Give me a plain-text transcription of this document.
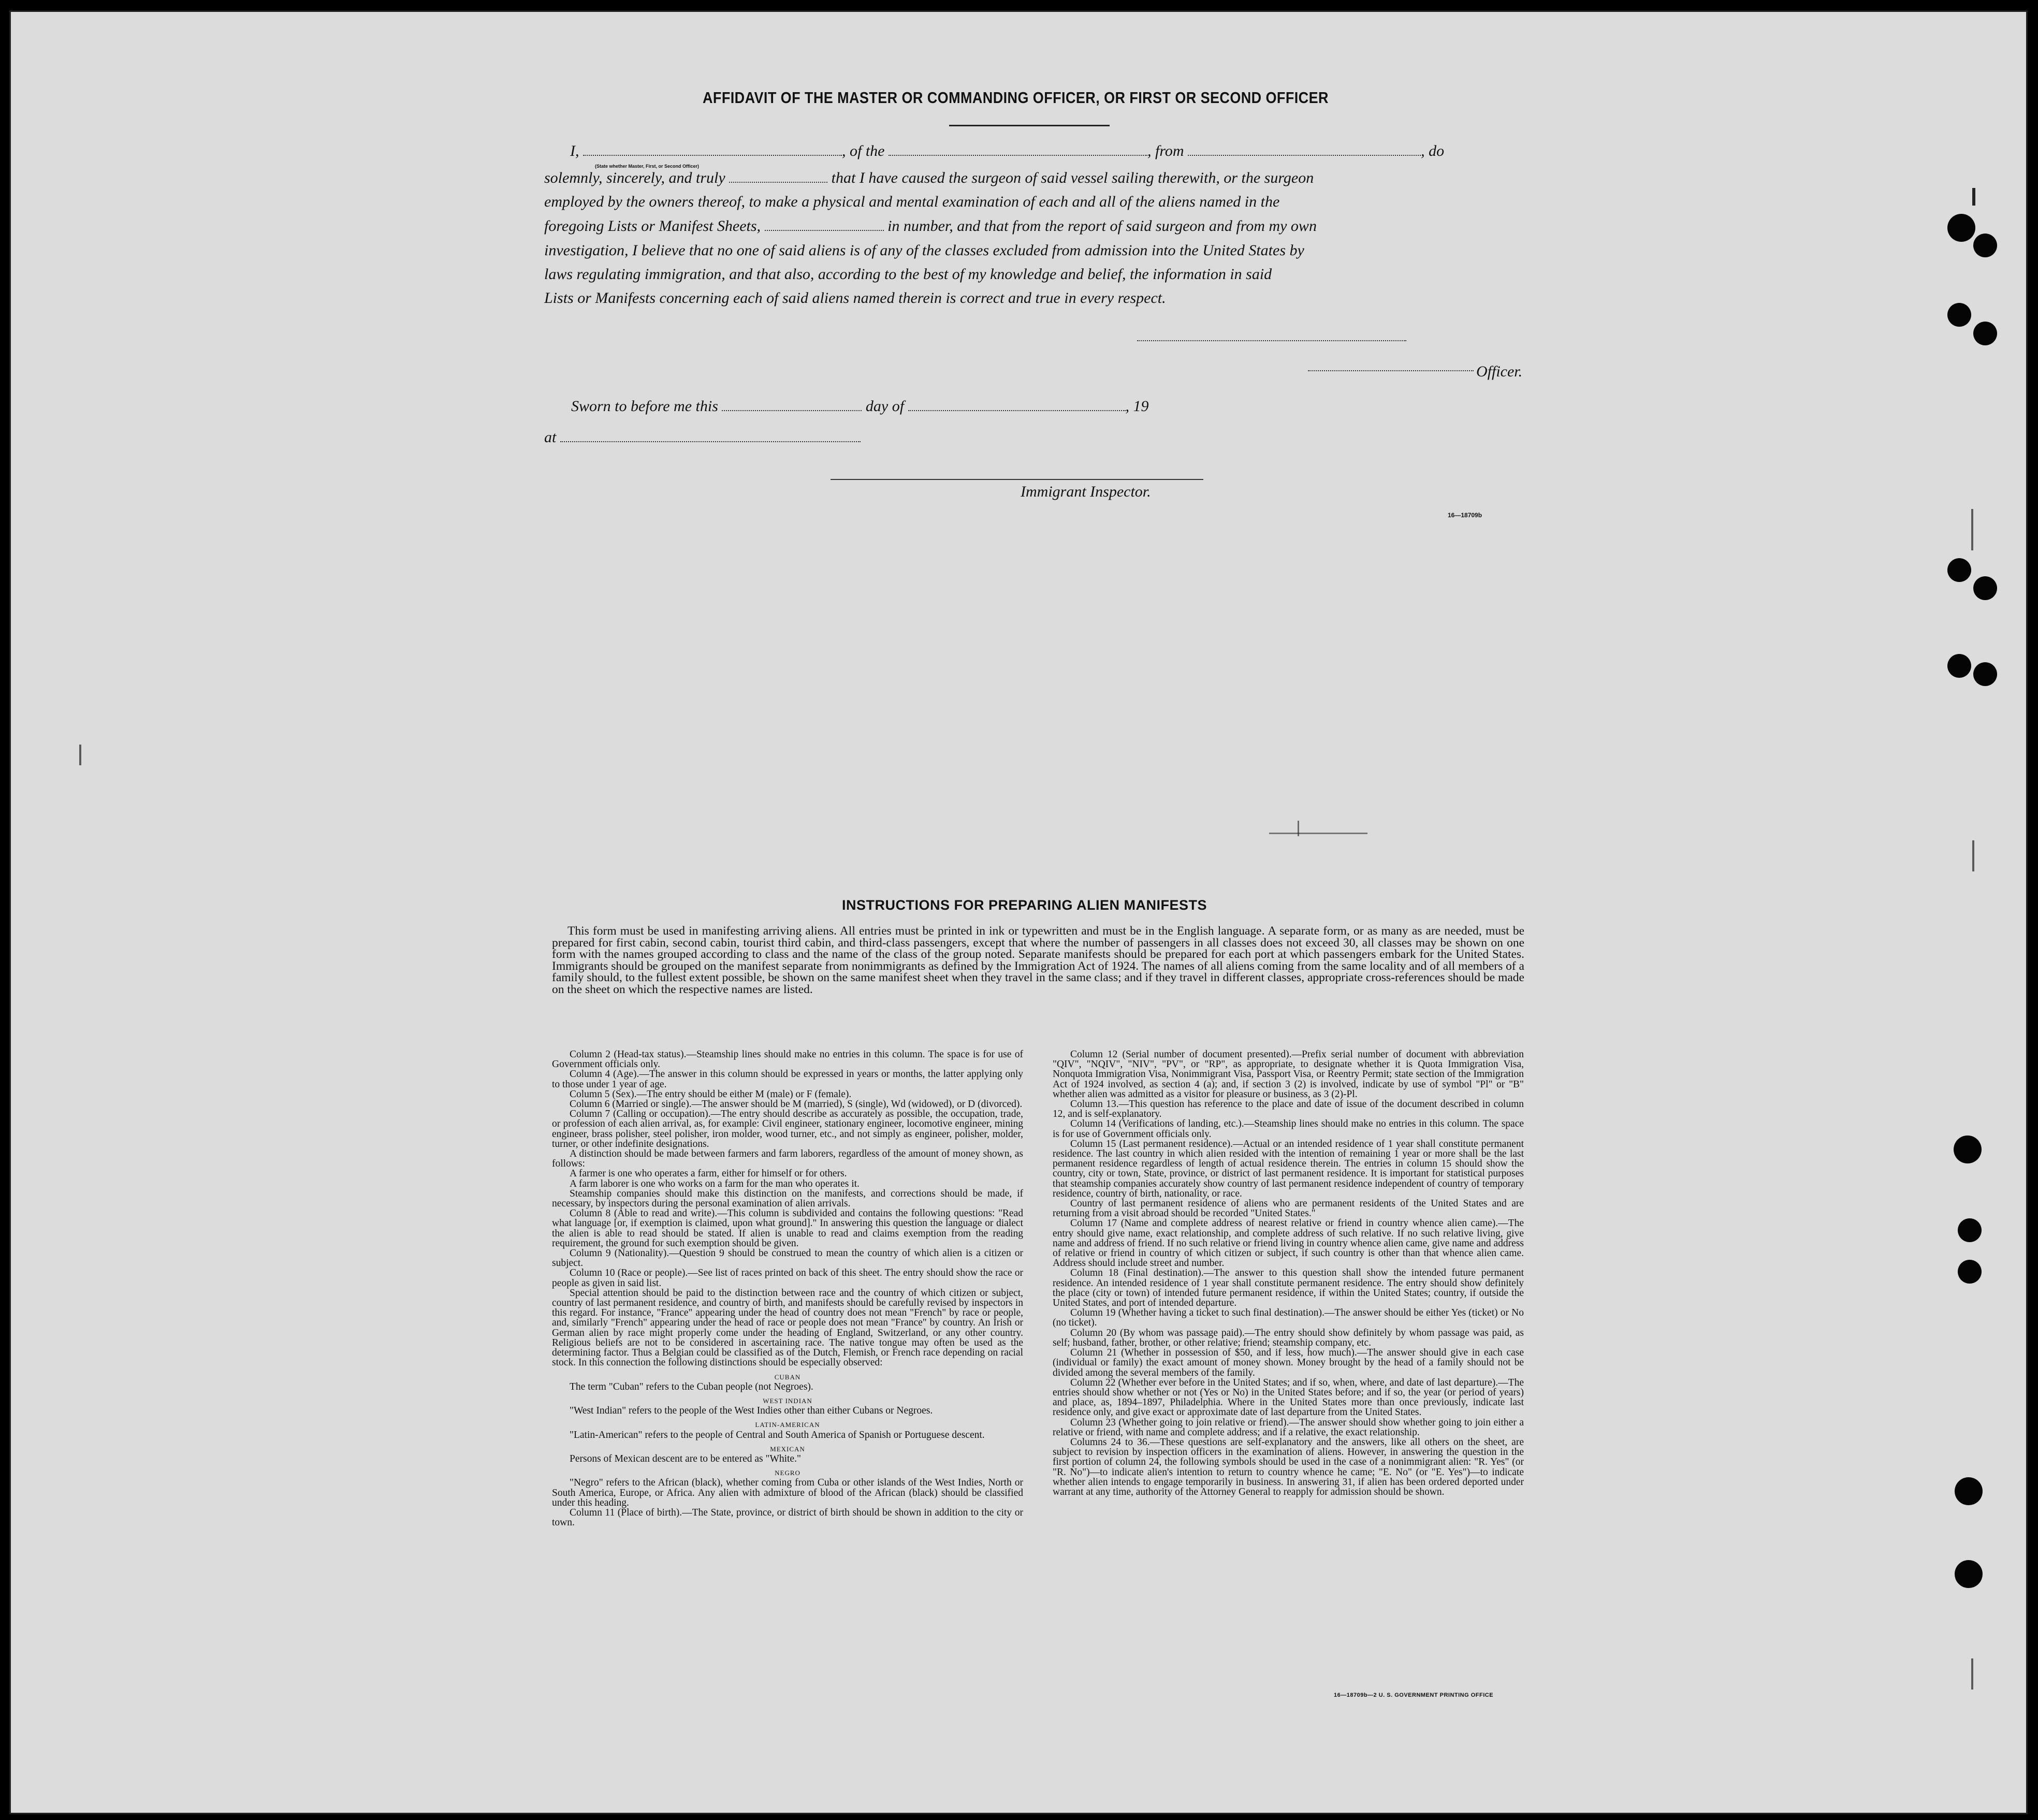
AFFIDAVIT OF THE MASTER OR COMMANDING OFFICER, OR FIRST OR SECOND OFFICER
I,	, of the	, from	, do
(State whether Master, First, or Second Officer)
solemnly, sincerely, and truly	that I have caused the surgeon of said vessel sailing therewith, or the surgeon
employed by the owners thereof, to make a physical and mental examination of each and all of the aliens named in the
foregoing Lists or Manifest Sheets,	in number, and that from the report of said surgeon and from my own
investigation, I believe that no one of said aliens is of any of the classes excluded from admission into the United States by
laws regulating immigration, and that also, according to the best of my knowledge and belief, the information in said
Lists or Manifests concerning each of said aliens named therein is correct and true in every respect.
Officer.
Sworn to before me this	day of	, 19
at
Immigrant Inspector.
16—18709b
INSTRUCTIONS FOR PREPARING ALIEN MANIFESTS
This form must be used in manifesting arriving aliens. All entries must be printed in ink or typewritten and must be in the English language. A separate form, or as many as are needed, must be prepared for first cabin, second cabin, tourist third cabin, and third-class passengers, except that where the number of passengers in all classes does not exceed 30, all classes may be shown on one form with the names grouped according to class and the name of the class of the group noted. Separate manifests should be prepared for each port at which passengers embark for the United States. Immigrants should be grouped on the manifest separate from nonimmigrants as defined by the Immigration Act of 1924. The names of all aliens coming from the same locality and of all members of a family should, to the fullest extent possible, be shown on the same manifest sheet when they travel in the same class; and if they travel in different classes, appropriate cross-references should be made on the sheet on which the respective names are listed.

Column 2 (Head-tax status).—Steamship lines should make no entries in this column. The space is for use of Government officials only.

Column 4 (Age).—The answer in this column should be expressed in years or months, the latter applying only to those under 1 year of age.

Column 5 (Sex).—The entry should be either M (male) or F (female).

Column 6 (Married or single).—The answer should be M (married), S (single), Wd (widowed), or D (divorced).

Column 7 (Calling or occupation).—The entry should describe as accurately as possible, the occupation, trade, or profession of each alien arrival, as, for example: Civil engineer, stationary engineer, locomotive engineer, mining engineer, brass polisher, steel polisher, iron molder, wood turner, etc., and not simply as engineer, polisher, molder, turner, or other indefinite designations.

A distinction should be made between farmers and farm laborers, regardless of the amount of money shown, as follows:

A farmer is one who operates a farm, either for himself or for others.

A farm laborer is one who works on a farm for the man who operates it.

Steamship companies should make this distinction on the manifests, and corrections should be made, if necessary, by inspectors during the personal examination of alien arrivals.

Column 8 (Able to read and write).—This column is subdivided and contains the following questions: "Read what language [or, if exemption is claimed, upon what ground]." In answering this question the language or dialect the alien is able to read should be stated. If alien is unable to read and claims exemption from the reading requirement, the ground for such exemption should be given.

Column 9 (Nationality).—Question 9 should be construed to mean the country of which alien is a citizen or subject.

Column 10 (Race or people).—See list of races printed on back of this sheet. The entry should show the race or people as given in said list.

Special attention should be paid to the distinction between race and the country of which citizen or subject, country of last permanent residence, and country of birth, and manifests should be carefully revised by inspectors in this regard. For instance, "France" appearing under the head of country does not mean "French" by race or people, and, similarly "French" appearing under the head of race or people does not mean "France" by country. An Irish or German alien by race might properly come under the heading of England, Switzerland, or any other country. Religious beliefs are not to be considered in ascertaining race. The native tongue may often be used as the determining factor. Thus a Belgian could be classified as of the Dutch, Flemish, or French race depending on racial stock. In this connection the following distinctions should be especially observed:

CUBAN

The term "Cuban" refers to the Cuban people (not Negroes).

WEST INDIAN

"West Indian" refers to the people of the West Indies other than either Cubans or Negroes.

LATIN-AMERICAN

"Latin-American" refers to the people of Central and South America of Spanish or Portuguese descent.

MEXICAN

Persons of Mexican descent are to be entered as "White."

NEGRO

"Negro" refers to the African (black), whether coming from Cuba or other islands of the West Indies, North or South America, Europe, or Africa. Any alien with admixture of blood of the African (black) should be classified under this heading.

Column 11 (Place of birth).—The State, province, or district of birth should be shown in addition to the city or town.

Column 12 (Serial number of document presented).—Prefix serial number of document with abbreviation "QIV", "NQIV", "NIV", "PV", or "RP", as appropriate, to designate whether it is Quota Immigration Visa, Nonquota Immigration Visa, Nonimmigrant Visa, Passport Visa, or Reentry Permit; state section of the Immigration Act of 1924 involved, as section 4 (a); and, if section 3 (2) is involved, indicate by use of symbol "Pl" or "B" whether alien was admitted as a visitor for pleasure or business, as 3 (2)-Pl.

Column 13.—This question has reference to the place and date of issue of the document described in column 12, and is self-explanatory.

Column 14 (Verifications of landing, etc.).—Steamship lines should make no entries in this column. The space is for use of Government officials only.

Column 15 (Last permanent residence).—Actual or an intended residence of 1 year shall constitute permanent residence. The last country in which alien resided with the intention of remaining 1 year or more shall be the last permanent residence regardless of length of actual residence therein. The entries in column 15 should show the country, city or town, State, province, or district of last permanent residence. It is important for statistical purposes that steamship companies accurately show country of last permanent residence independent of country of temporary residence, country of birth, nationality, or race.

Country of last permanent residence of aliens who are permanent residents of the United States and are returning from a visit abroad should be recorded "United States."

Column 17 (Name and complete address of nearest relative or friend in country whence alien came).—The entry should give name, exact relationship, and complete address of such relative. If no such relative living, give name and address of friend. If no such relative or friend living in country whence alien came, give name and address of relative or friend in country of which citizen or subject, if such country is other than that whence alien came. Address should include street and number.

Column 18 (Final destination).—The answer to this question shall show the intended future permanent residence. An intended residence of 1 year shall constitute permanent residence. The entry should show definitely the place (city or town) of intended future permanent residence, if within the United States; country, if outside the United States, and port of intended departure.

Column 19 (Whether having a ticket to such final destination).—The answer should be either Yes (ticket) or No (no ticket).

Column 20 (By whom was passage paid).—The entry should show definitely by whom passage was paid, as self; husband, father, brother, or other relative; friend; steamship company, etc.

Column 21 (Whether in possession of $50, and if less, how much).—The answer should give in each case (individual or family) the exact amount of money shown. Money brought by the head of a family should not be divided among the several members of the family.

Column 22 (Whether ever before in the United States; and if so, when, where, and date of last departure).—The entries should show whether or not (Yes or No) in the United States before; and if so, the year (or period of years) and place, as, 1894–1897, Philadelphia. Where in the United States more than once previously, indicate last residence only, and give exact or approximate date of last departure from the United States.

Column 23 (Whether going to join relative or friend).—The answer should show whether going to join either a relative or friend, with name and complete address; and if a relative, the exact relationship.

Columns 24 to 36.—These questions are self-explanatory and the answers, like all others on the sheet, are subject to revision by inspection officers in the examination of aliens. However, in answering the question in the first portion of column 24, the following symbols should be used in the case of a nonimmigrant alien: "R. Yes" (or "R. No")—to indicate alien's intention to return to country whence he came; "E. No" (or "E. Yes")—to indicate whether alien intends to engage temporarily in business. In answering 31, if alien has been ordered deported under warrant at any time, authority of the Attorney General to reapply for admission should be shown.

16—18709b—2 U. S. GOVERNMENT PRINTING OFFICE
